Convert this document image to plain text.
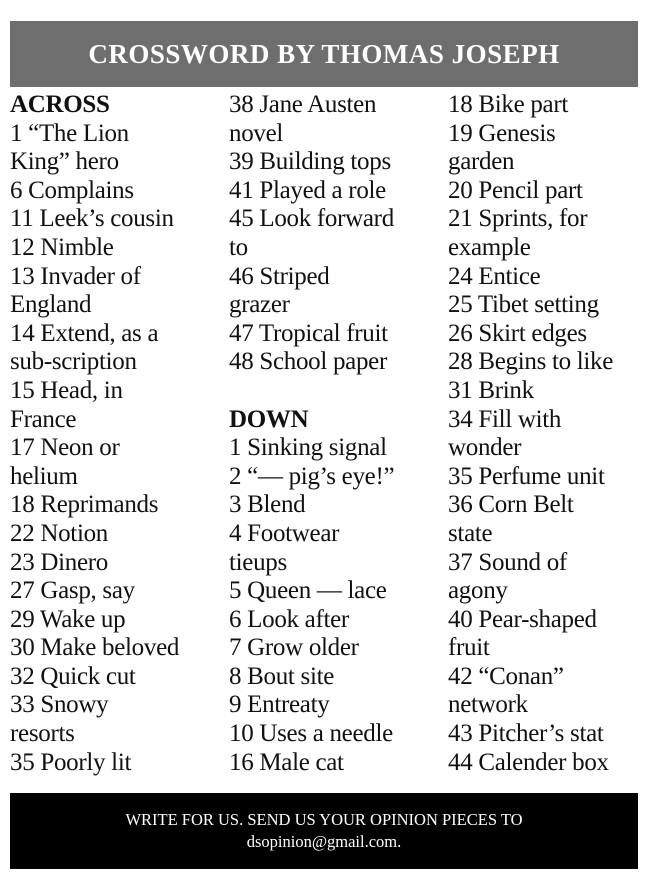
CROSSWORD BY THOMAS JOSEPH
ACROSS
1 “The Lion
King” hero
6 Complains
11 Leek’s cousin
12 Nimble
13 Invader of
England
14 Extend, as a
sub-scription
15 Head, in
France
17 Neon or
helium
18 Reprimands
22 Notion
23 Dinero
27 Gasp, say
29 Wake up
30 Make beloved
32 Quick cut
33 Snowy
resorts
35 Poorly lit
38 Jane Austen
novel
39 Building tops
41 Played a role
45 Look forward
to
46 Striped
grazer
47 Tropical fruit
48 School paper
DOWN
1 Sinking signal
2 “— pig’s eye!”
3 Blend
4 Footwear
tieups
5 Queen — lace
6 Look after
7 Grow older
8 Bout site
9 Entreaty
10 Uses a needle
16 Male cat
18 Bike part
19 Genesis
garden
20 Pencil part
21 Sprints, for
example
24 Entice
25 Tibet setting
26 Skirt edges
28 Begins to like
31 Brink
34 Fill with
wonder
35 Perfume unit
36 Corn Belt
state
37 Sound of
agony
40 Pear-shaped
fruit
42 “Conan”
network
43 Pitcher’s stat
44 Calender box
WRITE FOR US. SEND US YOUR OPINION PIECES TO
dsopinion@gmail.com.
